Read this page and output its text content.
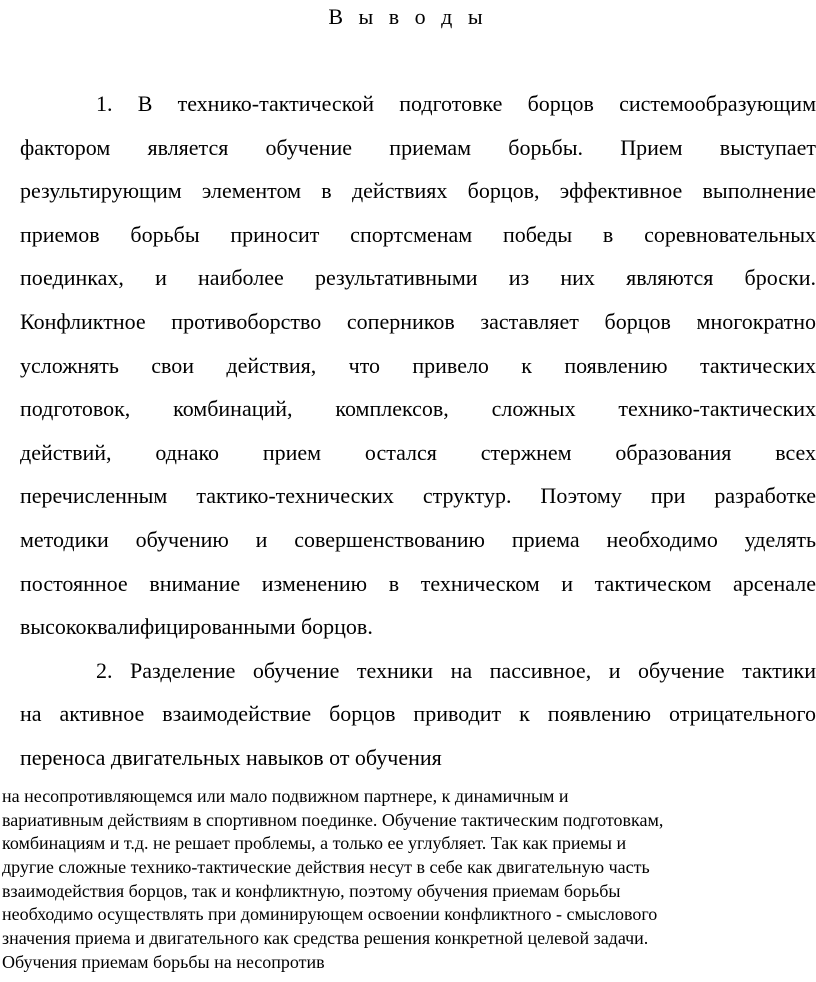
В ы в о д ы
1. В технико-тактической подготовке борцов системообразующим
фактором является обучение приемам борьбы. Прием выступает
результирующим элементом в действиях борцов, эффективное выполнение
приемов борьбы приносит спортсменам победы в соревновательных
поединках, и наиболее результативными из них являются броски.
Конфликтное противоборство соперников заставляет борцов многократно
усложнять свои действия, что привело к появлению тактических
подготовок, комбинаций, комплексов, сложных технико-тактических
действий, однако прием остался стержнем образования всех
перечисленным тактико-технических структур. Поэтому при разработке
методики обучению и совершенствованию приема необходимо уделять
постоянное внимание изменению в техническом и тактическом арсенале
высококвалифицированными борцов.
2. Разделение обучение техники на пассивное, и обучение тактики
на активное взаимодействие борцов приводит к появлению отрицательного
переноса двигательных навыков от обучения
на несопротивляющемся или мало подвижном партнере, к динамичным и
вариативным действиям в спортивном поединке. Обучение тактическим подготовкам,
комбинациям и т.д. не решает проблемы, а только ее углубляет. Так как приемы и
другие сложные технико-тактические действия несут в себе как двигательную часть
взаимодействия борцов, так и конфликтную, поэтому обучения приемам борьбы
необходимо осуществлять при доминирующем освоении конфликтного - смыслового
значения приема и двигательного как средства решения конкретной целевой задачи.
Обучения приемам борьбы на несопротив
